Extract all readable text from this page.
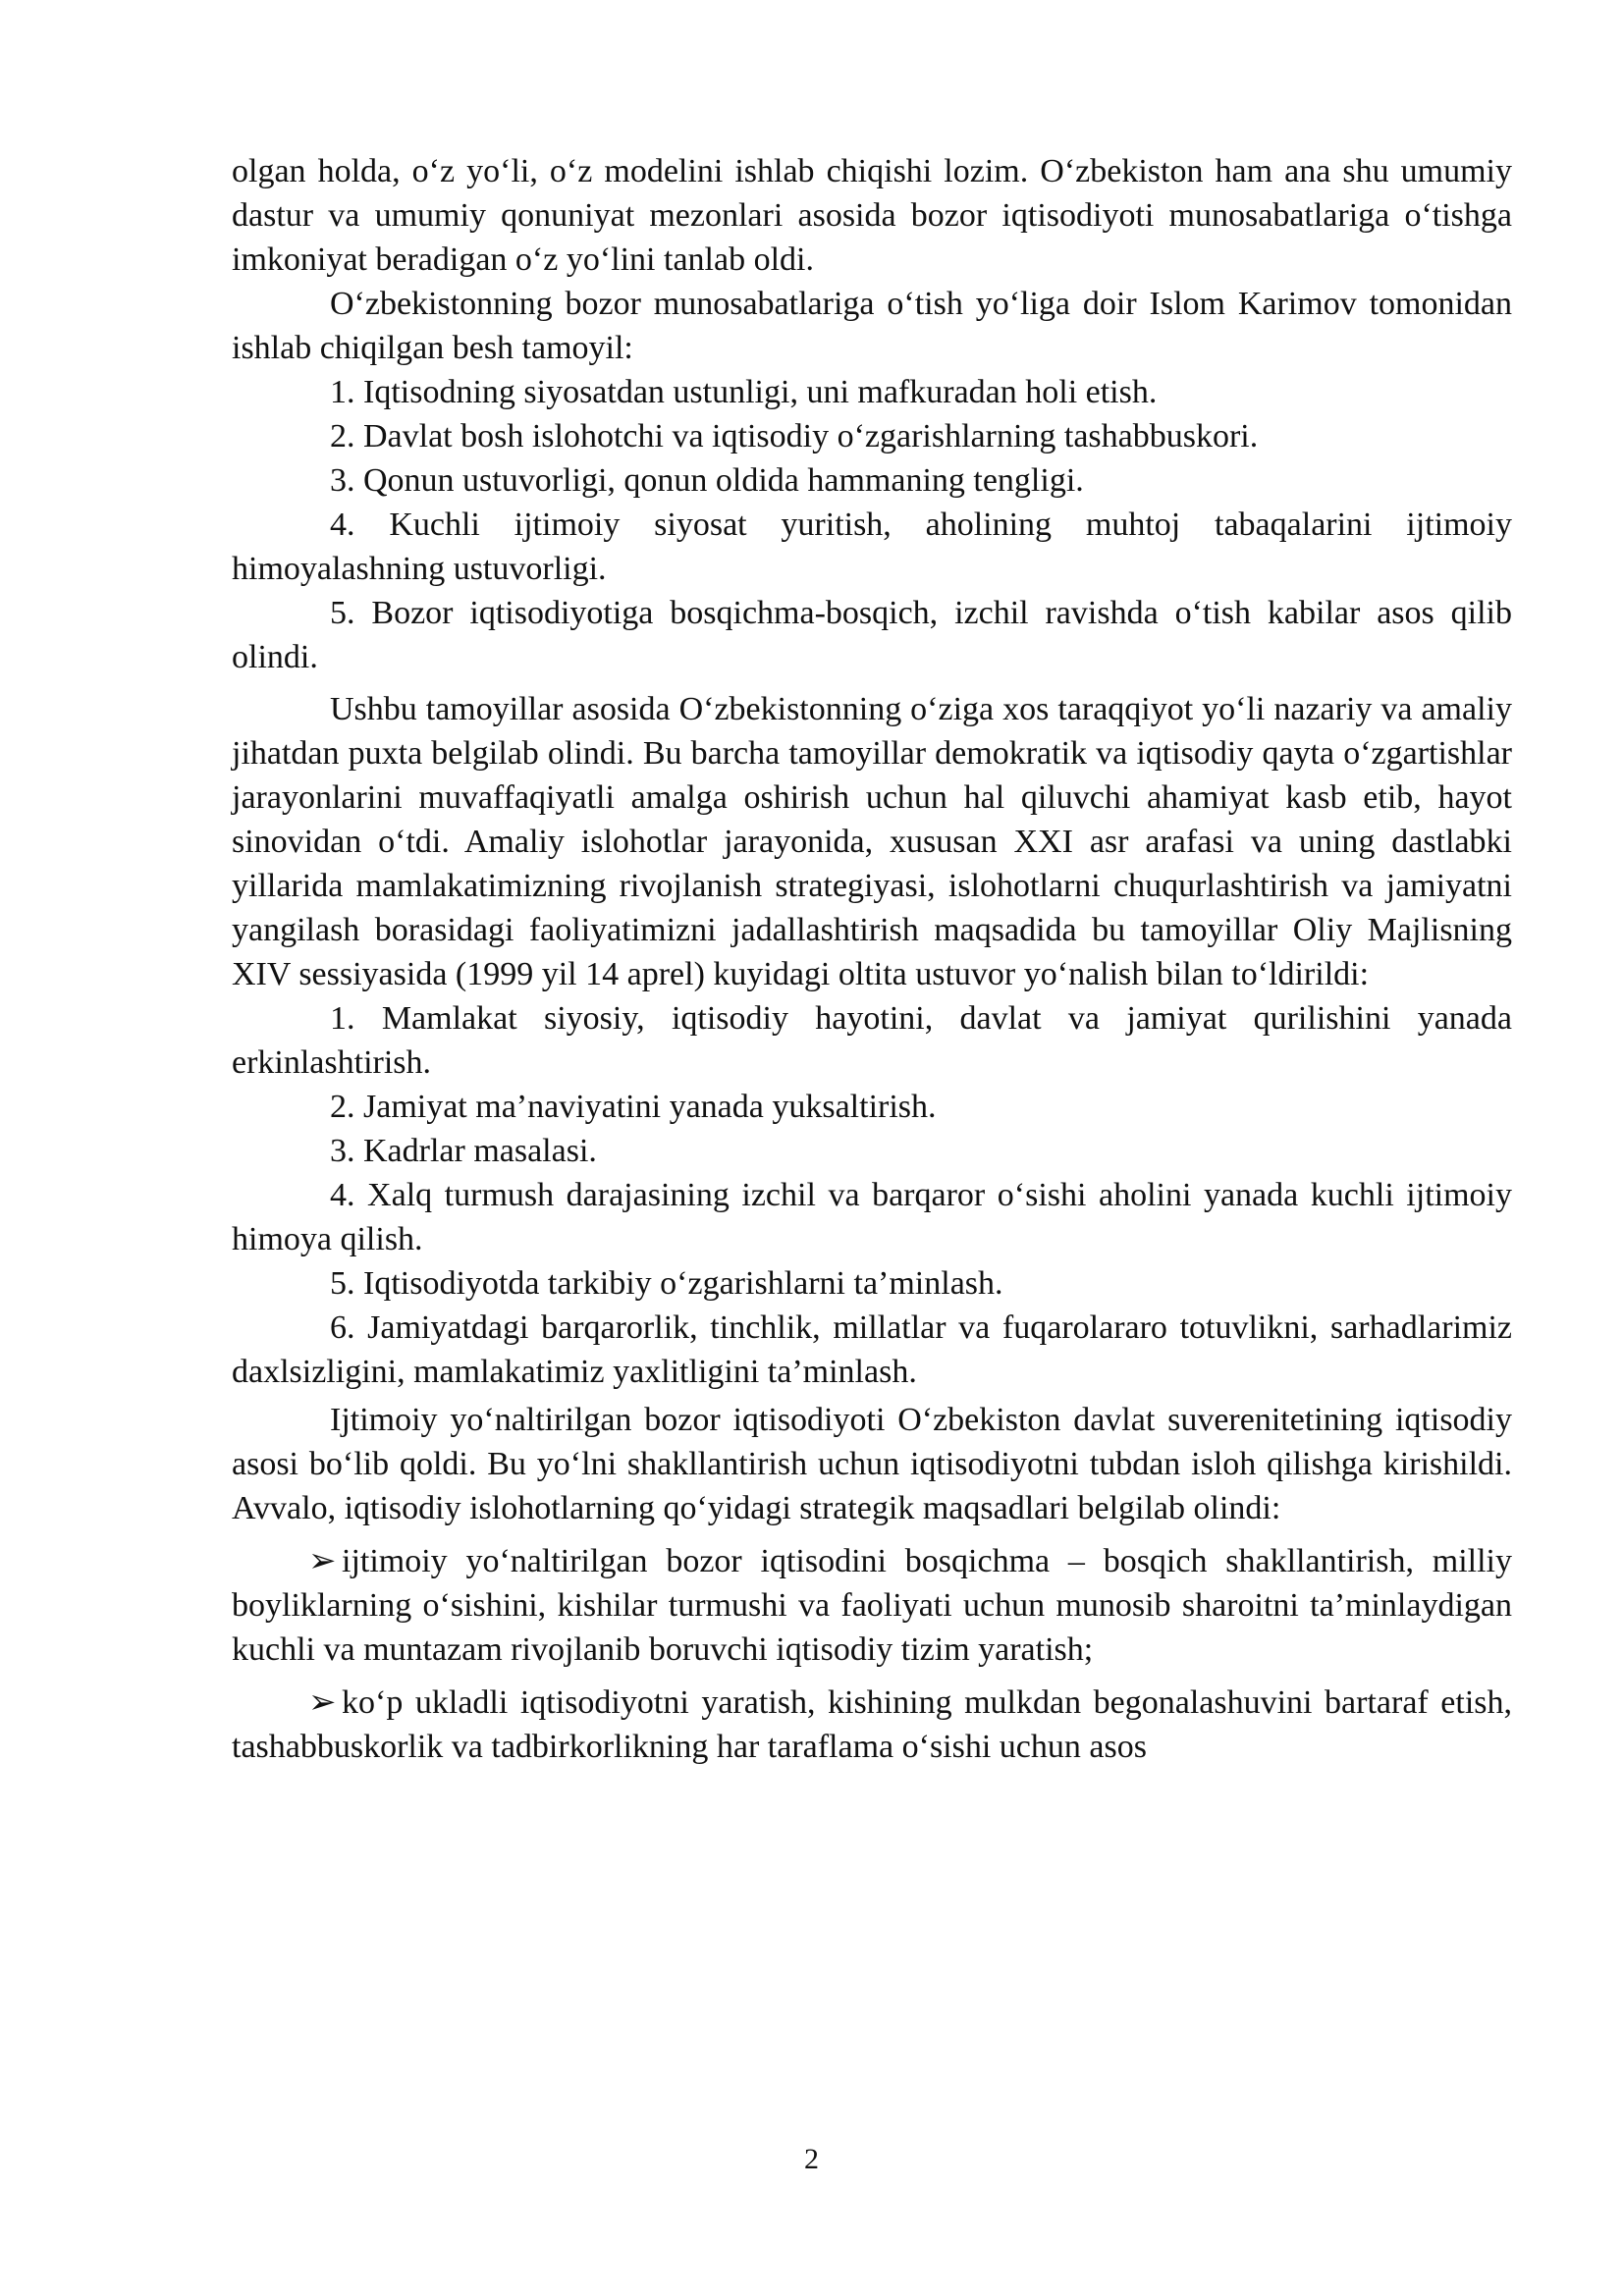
olgan holda, o‘z yo‘li, o‘z modelini ishlab chiqishi lozim. O‘zbekiston ham ana shu umumiy dastur va umumiy qonuniyat mezonlari asosida bozor iqtisodiyoti munosabatlariga o‘tishga imkoniyat beradigan o‘z yo‘lini tanlab oldi.

O‘zbekistonning bozor munosabatlariga o‘tish yo‘liga doir Islom Karimov tomonidan ishlab chiqilgan besh tamoyil:

1. Iqtisodning siyosatdan ustunligi, uni mafkuradan holi etish.

2. Davlat bosh islohotchi va iqtisodiy o‘zgarishlarning tashabbuskori.

3. Qonun ustuvorligi, qonun oldida hammaning tengligi.

4. Kuchli ijtimoiy siyosat yuritish, aholining muhtoj tabaqalarini ijtimoiy himoyalashning ustuvorligi.

5. Bozor iqtisodiyotiga bosqichma-bosqich, izchil ravishda o‘tish kabilar asos qilib olindi.

Ushbu tamoyillar asosida O‘zbekistonning o‘ziga xos taraqqiyot yo‘li nazariy va amaliy jihatdan puxta belgilab olindi. Bu barcha tamoyillar demokratik va iqtisodiy qayta o‘zgartishlar jarayonlarini muvaffaqiyatli amalga oshirish uchun hal qiluvchi ahamiyat kasb etib, hayot sinovidan o‘tdi. Amaliy islohotlar jarayonida, xususan XXI asr arafasi va uning dastlabki yillarida mamlakatimizning rivojlanish strategiyasi, islohotlarni chuqurlashtirish va jamiyatni yangilash borasidagi faoliyatimizni jadallashtirish maqsadida bu tamoyillar Oliy Majlisning XIV sessiyasida (1999 yil 14 aprel) kuyidagi oltita ustuvor yo‘nalish bilan to‘ldirildi:

1. Mamlakat siyosiy, iqtisodiy hayotini, davlat va jamiyat qurilishini yanada erkinlashtirish.

2. Jamiyat ma’naviyatini yanada yuksaltirish.

3. Kadrlar masalasi.

4. Xalq turmush darajasining izchil va barqaror o‘sishi aholini yanada kuchli ijtimoiy himoya qilish.

5. Iqtisodiyotda tarkibiy o‘zgarishlarni ta’minlash.

6. Jamiyatdagi barqarorlik, tinchlik, millatlar va fuqarolararo totuvlikni, sarhadlarimiz daxlsizligini, mamlakatimiz yaxlitligini ta’minlash.

Ijtimoiy yo‘naltirilgan bozor iqtisodiyoti O‘zbekiston davlat suverenitetining iqtisodiy asosi bo‘lib qoldi. Bu yo‘lni shakllantirish uchun iqtisodiyotni tubdan isloh qilishga kirishildi. Avvalo, iqtisodiy islohotlarning qo‘yidagi strategik maqsadlari belgilab olindi:

➢ ijtimoiy yo‘naltirilgan bozor iqtisodini bosqichma – bosqich shakllantirish, milliy boyliklarning o‘sishini, kishilar turmushi va faoliyati uchun munosib sharoitni ta’minlaydigan kuchli va muntazam rivojlanib boruvchi iqtisodiy tizim yaratish;

➢ ko‘p ukladli iqtisodiyotni yaratish, kishining mulkdan begonalashuvini bartaraf etish, tashabbuskorlik va tadbirkorlikning har taraflama o‘sishi uchun asos

2
